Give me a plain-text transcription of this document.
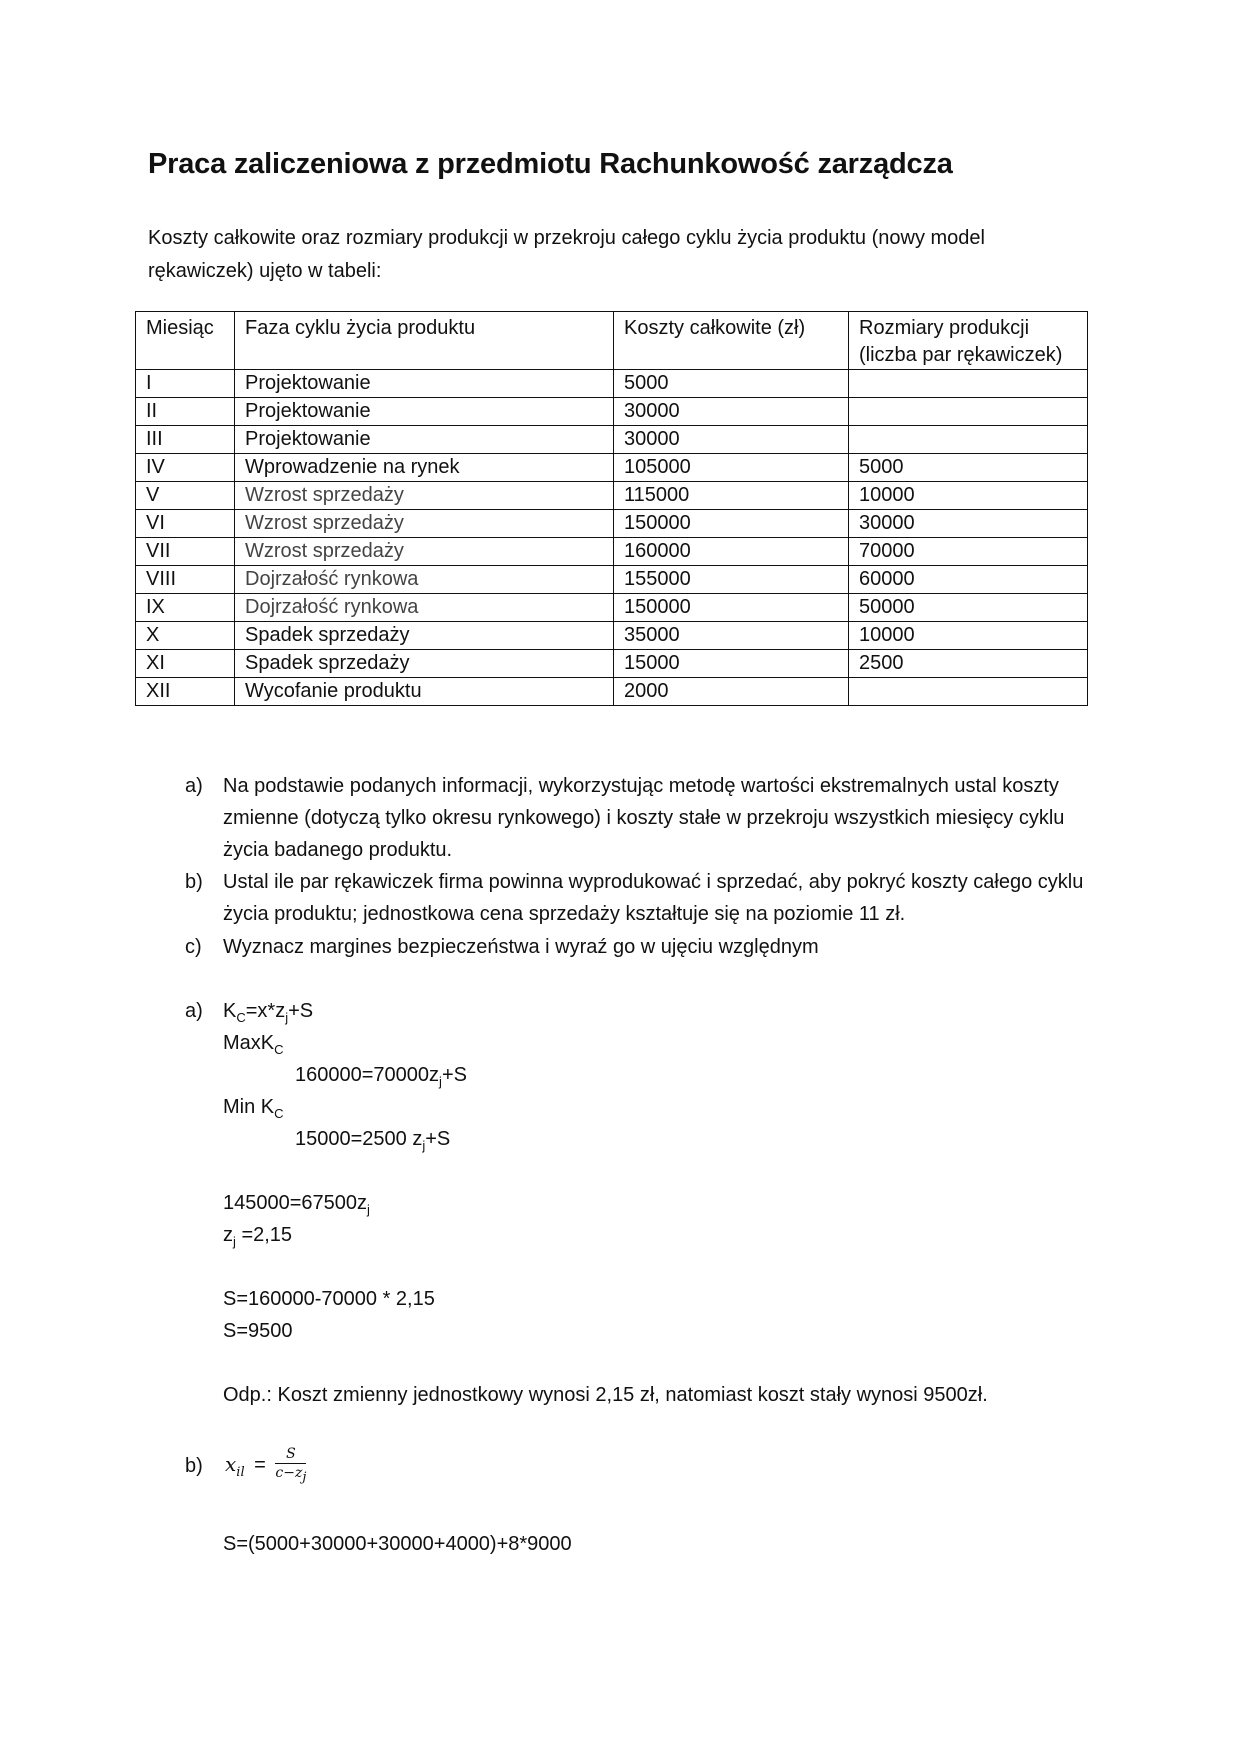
Praca zaliczeniowa z przedmiotu Rachunkowość zarządcza
Koszty całkowite oraz rozmiary produkcji w przekroju całego cyklu życia produktu (nowy model rękawiczek) ujęto w tabeli:
Miesiąc	Faza cyklu życia produktu	Koszty całkowite (zł)	Rozmiary produkcji (liczba par rękawiczek)
I	Projektowanie	5000	
II	Projektowanie	30000	
III	Projektowanie	30000	
IV	Wprowadzenie na rynek	105000	5000
V	Wzrost sprzedaży	115000	10000
VI	Wzrost sprzedaży	150000	30000
VII	Wzrost sprzedaży	160000	70000
VIII	Dojrzałość rynkowa	155000	60000
IX	Dojrzałość rynkowa	150000	50000
X	Spadek sprzedaży	35000	10000
XI	Spadek sprzedaży	15000	2500
XII	Wycofanie produktu	2000	
a) Na podstawie podanych informacji, wykorzystując metodę wartości ekstremalnych ustal koszty zmienne (dotyczą tylko okresu rynkowego) i koszty stałe w przekroju wszystkich miesięcy cyklu życia badanego produktu.
b) Ustal ile par rękawiczek firma powinna wyprodukować i sprzedać, aby pokryć koszty całego cyklu życia produktu; jednostkowa cena sprzedaży kształtuje się na poziomie 11 zł.
c) Wyznacz margines bezpieczeństwa i wyraź go w ujęciu względnym
a) $K_C=x*z_j+S$
MaxK$_C$
$160000=70000z_j+S$
Min $K_C$
15000=2500 $z_j+S$
$145000=67500z_j$
$z_j =2,15$
S=160000-70000 * 2,15
S=9500
Odp.: Koszt zmienny jednostkowy wynosi 2,15 zł, natomiast koszt stały wynosi 9500zł.
b) $x_{il} = \frac{S}{c-z_j}$
S=(5000+30000+30000+4000)+8*9000
